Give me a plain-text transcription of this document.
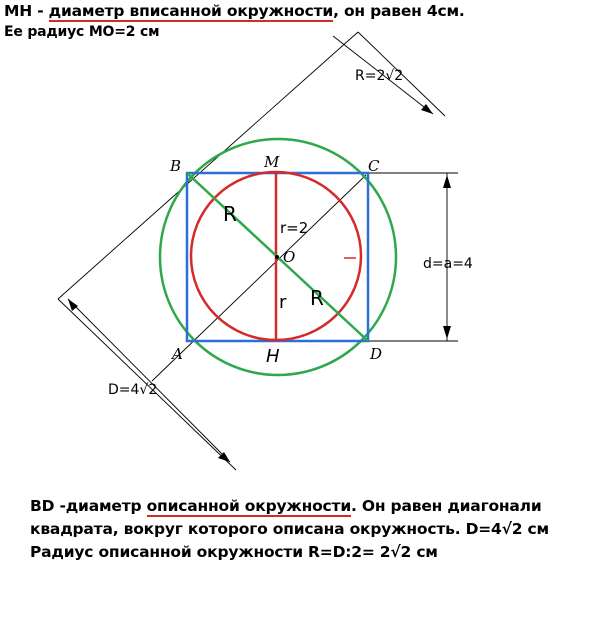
MH - диаметр вписанной окружности, он равен 4см.
Ее радиус МО=2 см
B	M	C
A	H	D
O
R
R
r=2
r
d=a=4
R=2√2
D=4√2
BD -диаметр описанной окружности. Он равен диагонали
квадрата, вокруг которого описана окружность. D=4√2 см
Радиус описанной окружности R=D:2= 2√2 см
